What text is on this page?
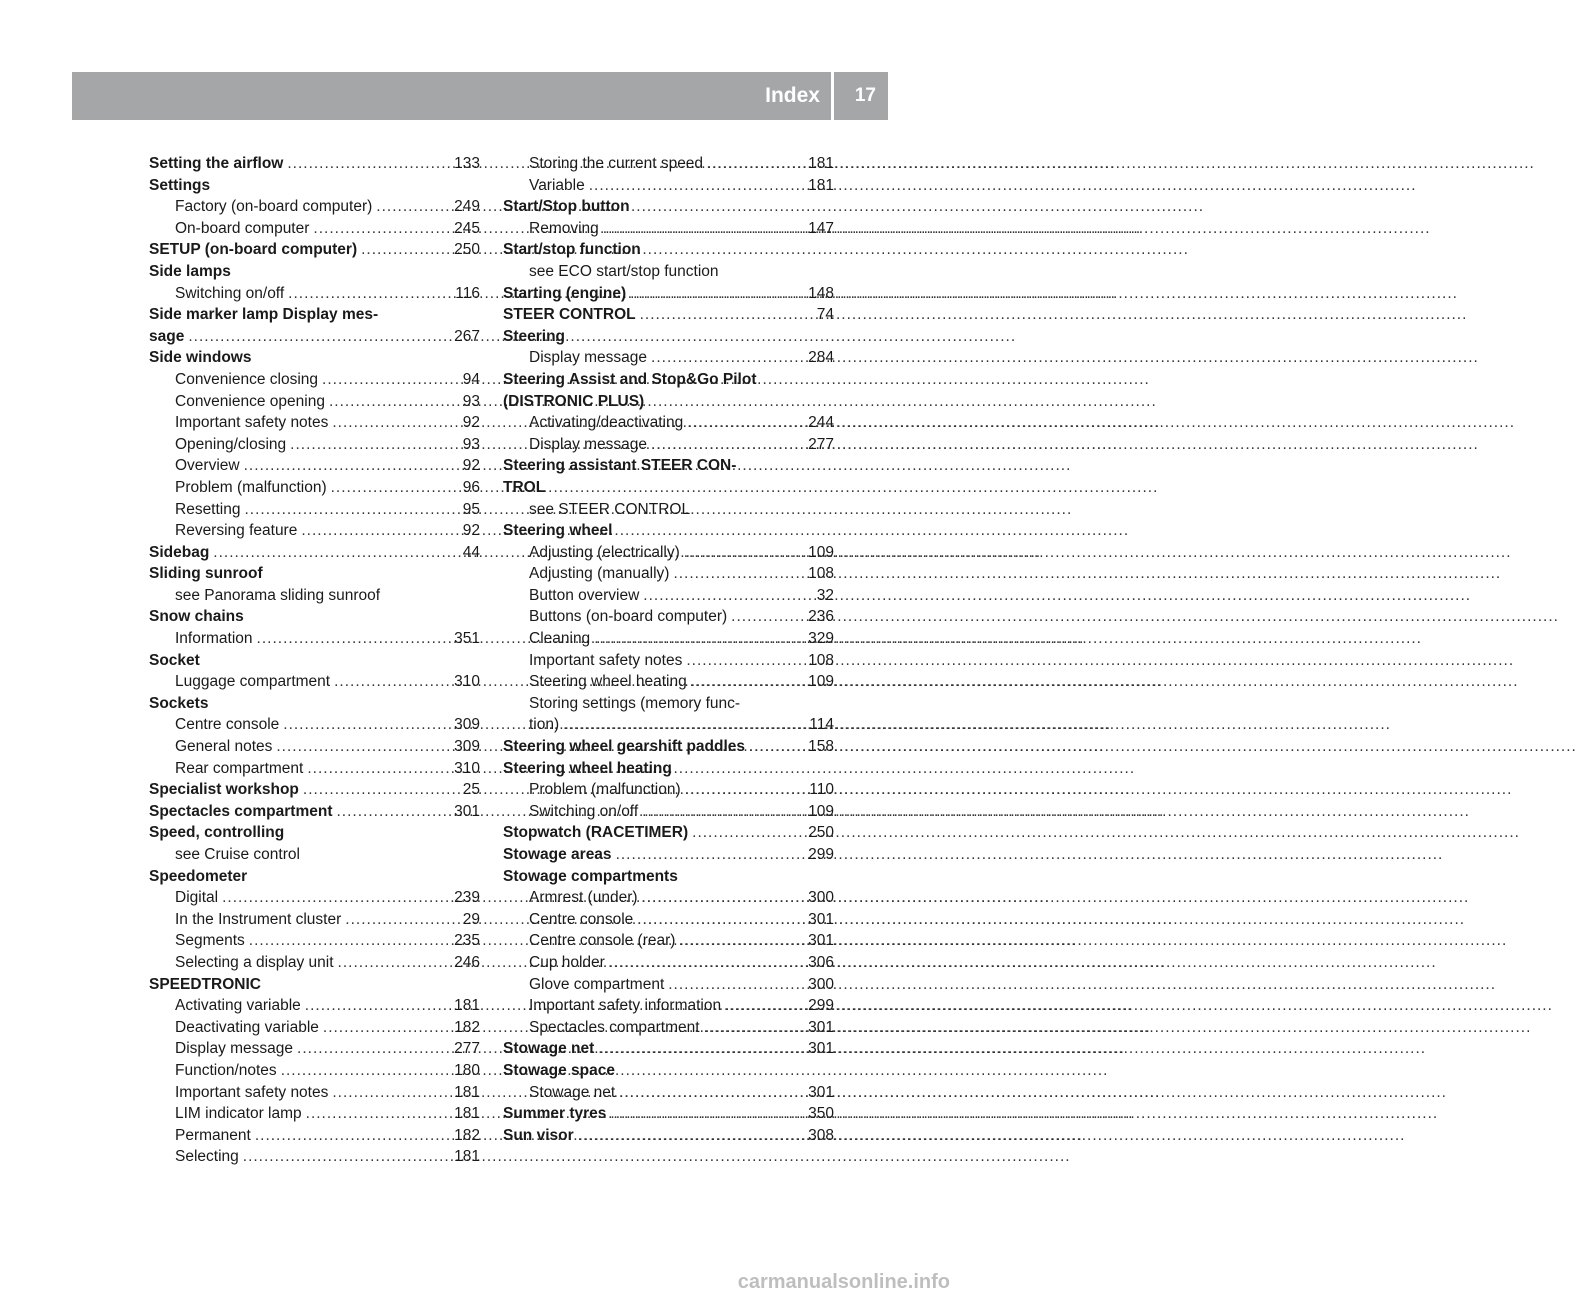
Index 17
Setting the airflow .....	133
Settings
Factory (on-board computer) .....	249
On-board computer .....	245
SETUP (on-board computer) .....	250
Side lamps
Switching on/off .....	116
Side marker lamp Display mes-
sage .....	267
Side windows
Convenience closing .....	94
Convenience opening .....	93
Important safety notes .....	92
Opening/closing .....	93
Overview .....	92
Problem (malfunction) .....	96
Resetting .....	95
Reversing feature .....	92
Sidebag .....	44
Sliding sunroof
see Panorama sliding sunroof
Snow chains
Information .....	351
Socket
Luggage compartment .....	310
Sockets
Centre console .....	309
General notes .....	309
Rear compartment .....	310
Specialist workshop .....	25
Spectacles compartment .....	301
Speed, controlling
see Cruise control
Speedometer
Digital .....	239
In the Instrument cluster .....	29
Segments .....	235
Selecting a display unit .....	246
SPEEDTRONIC
Activating variable .....	181
Deactivating variable .....	182
Display message .....	277
Function/notes .....	180
Important safety notes .....	181
LIM indicator lamp .....	181
Permanent .....	182
Selecting .....	181
Storing the current speed .....	181
Variable .....	181
Start/Stop button
Removing .....	147
Start/stop function
see ECO start/stop function
Starting (engine) .....	148
STEER CONTROL .....	74
Steering
Display message .....	284
Steering Assist and Stop&Go Pilot
(DISTRONIC PLUS)
Activating/deactivating .....	244
Display message .....	277
Steering assistant STEER CON-
TROL
see STEER CONTROL
Steering wheel
Adjusting (electrically) .....	109
Adjusting (manually) .....	108
Button overview .....	32
Buttons (on-board computer) .....	236
Cleaning .....	329
Important safety notes .....	108
Steering wheel heating .....	109
Storing settings (memory func-
tion) .....	114
Steering wheel gearshift paddles .....	158
Steering wheel heating
Problem (malfunction) .....	110
Switching on/off .....	109
Stopwatch (RACETIMER) .....	250
Stowage areas .....	299
Stowage compartments
Armrest (under) .....	300
Centre console .....	301
Centre console (rear) .....	301
Cup holder .....	306
Glove compartment .....	300
Important safety information .....	299
Spectacles compartment .....	301
Stowage net .....	301
Stowage space
Stowage net .....	301
Summer tyres .....	350
Sun visor .....	308
carmanualsonline.info
